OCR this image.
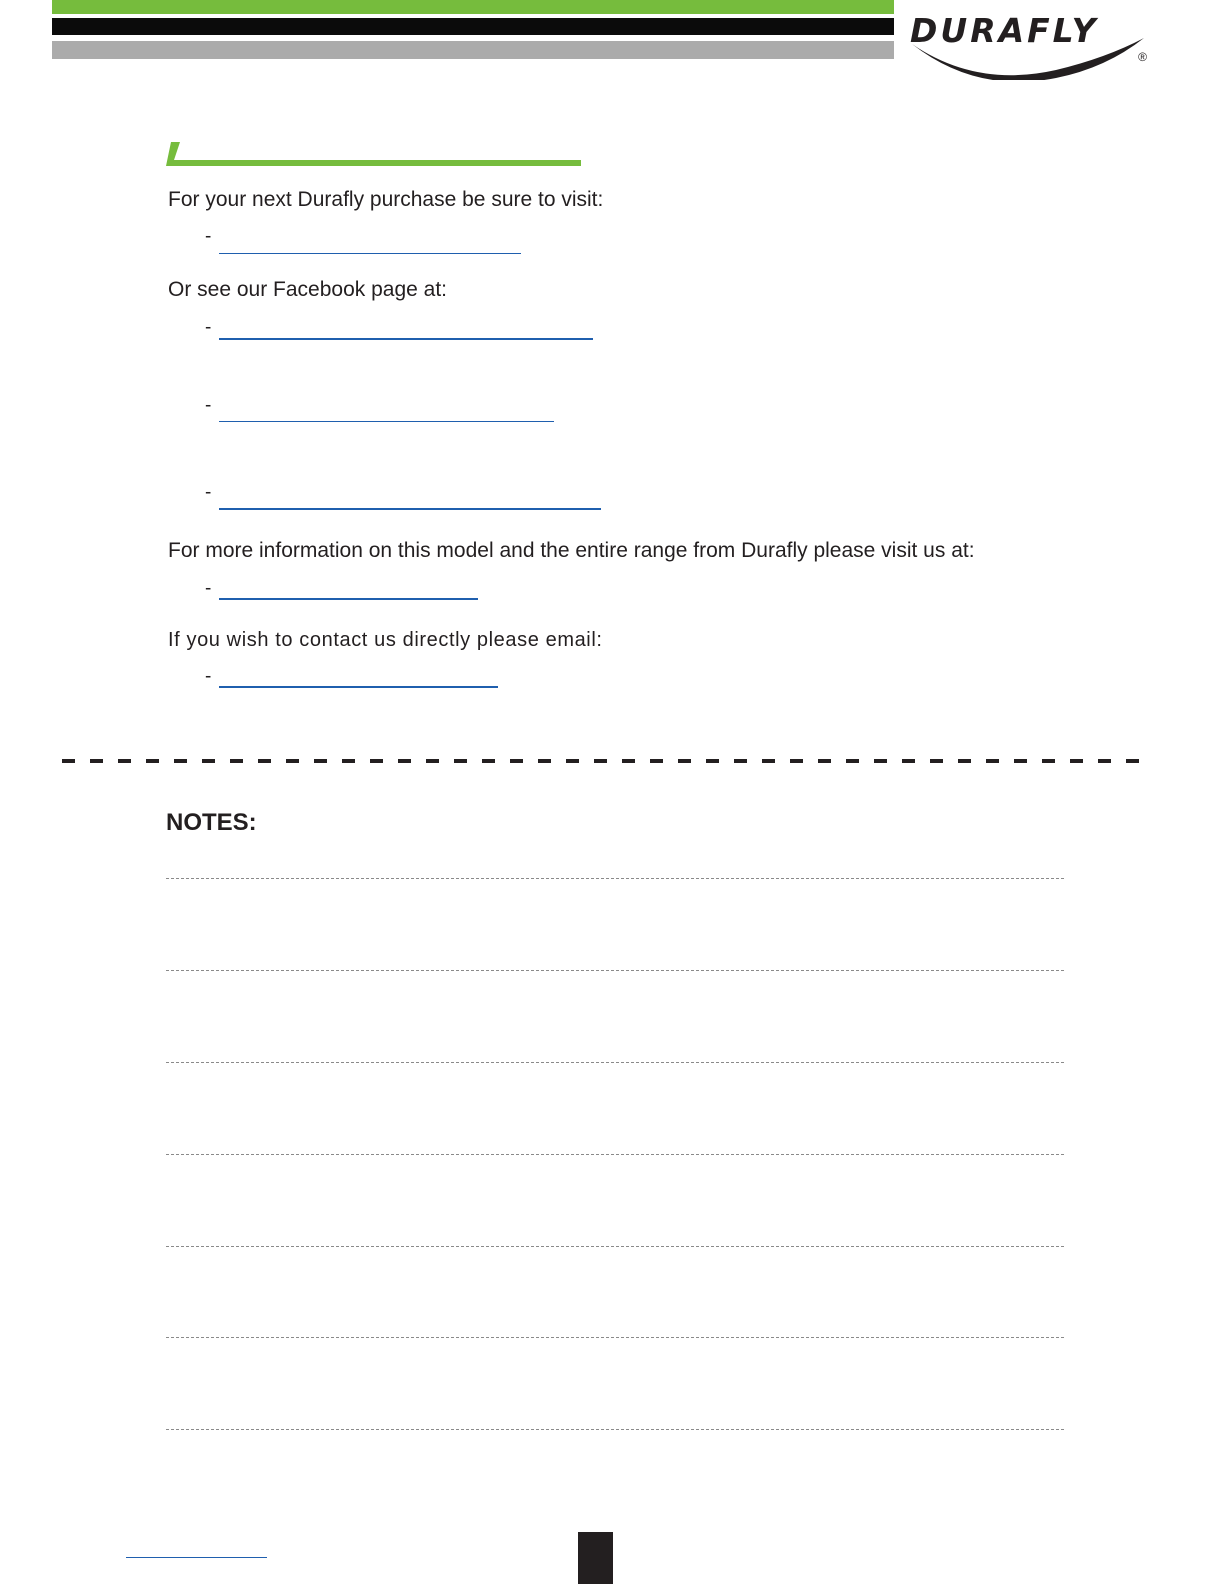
DURAFLY
®
For your next Durafly purchase be sure to visit:
-
Or see our Facebook page at:
-
-
-
For more information on this model and the entire range from Durafly please visit us at:
-
If you wish to contact us directly please email:
-
NOTES:
